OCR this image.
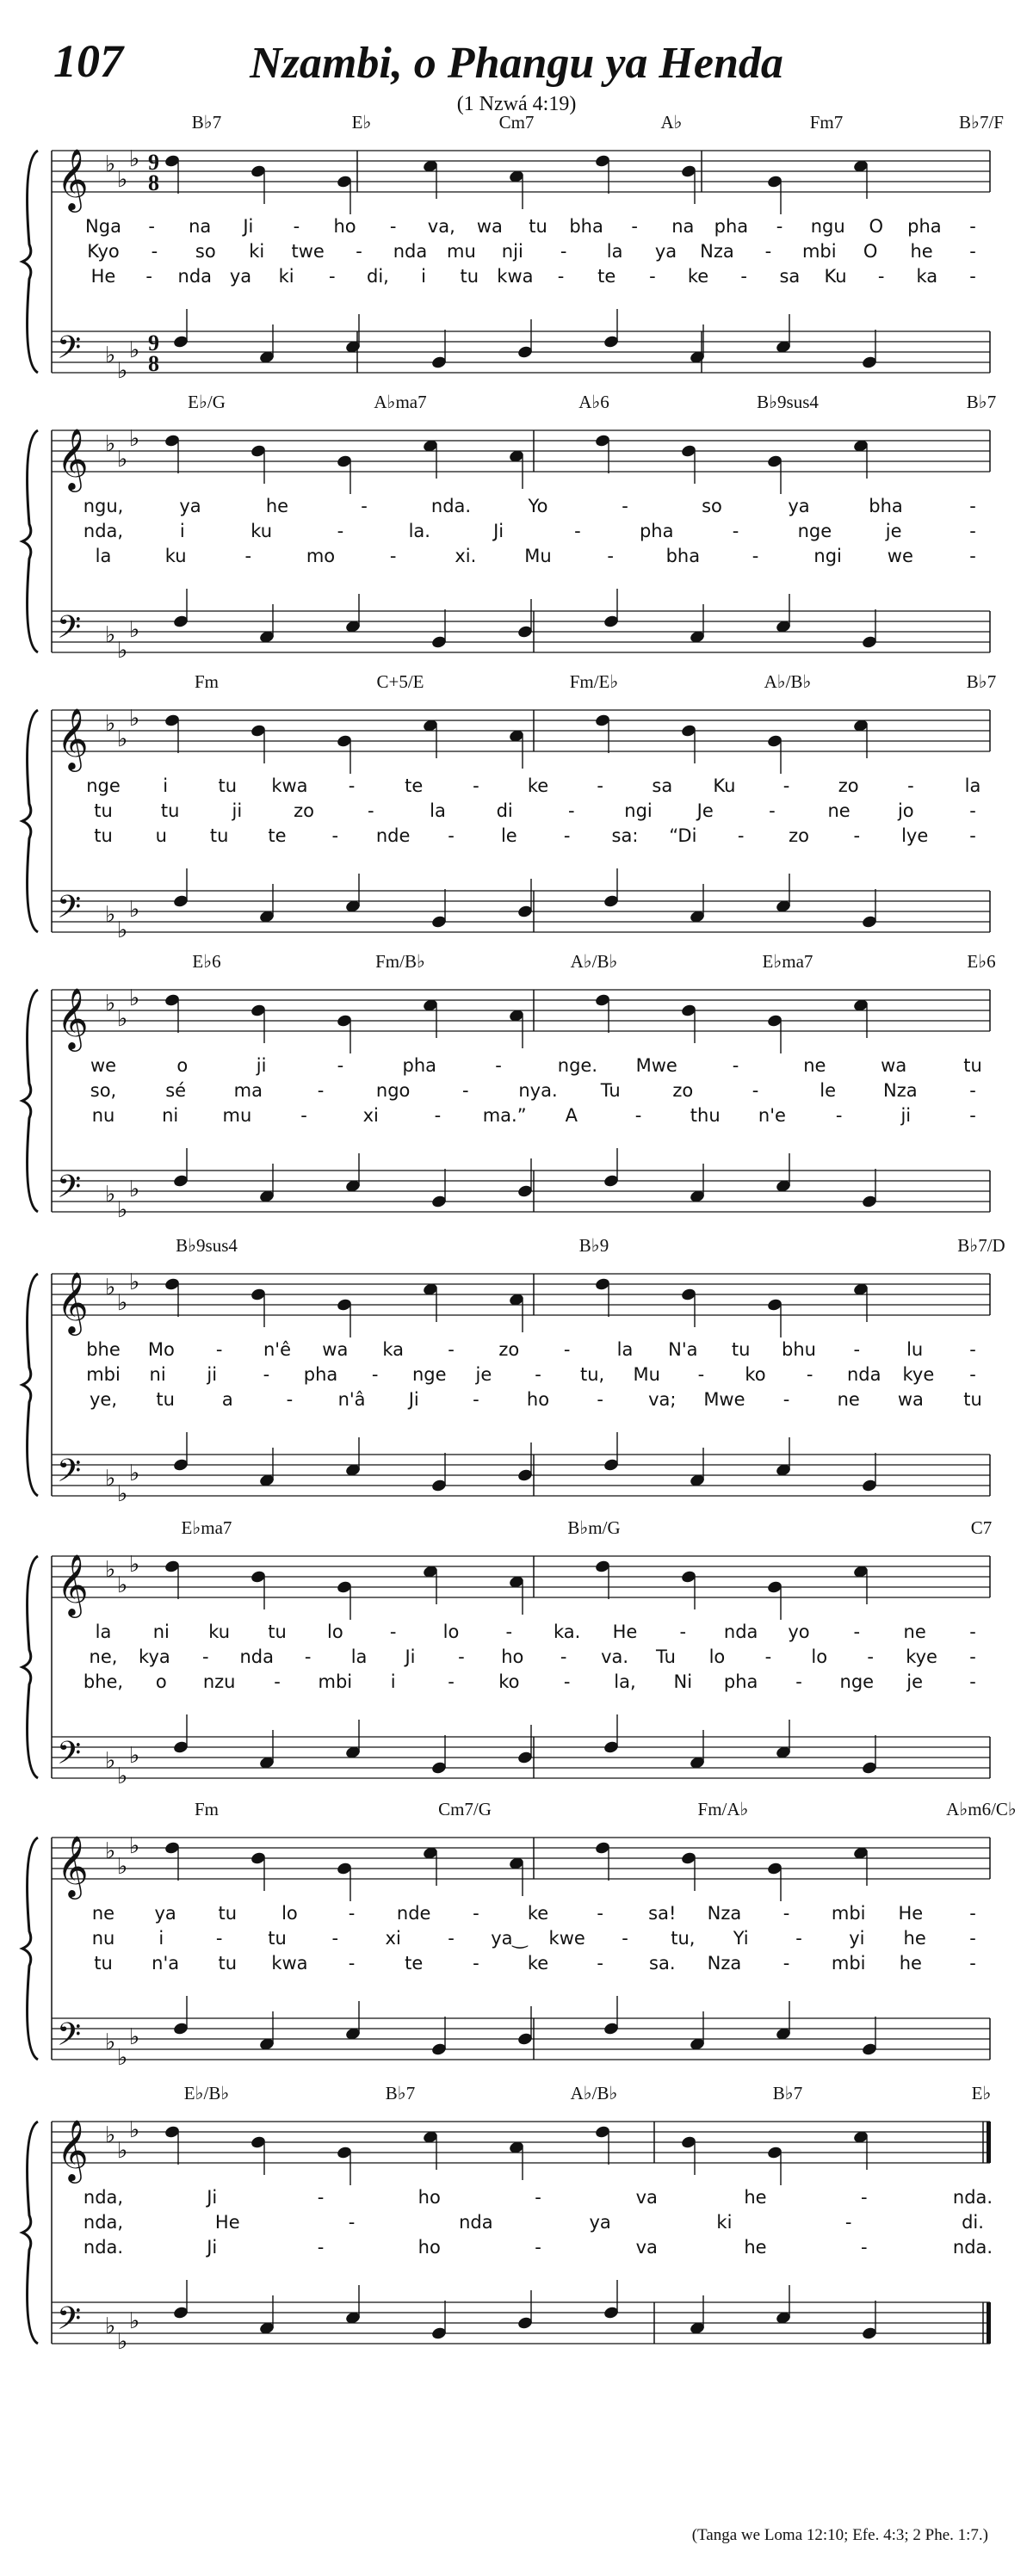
107	Nzambi, o Phangu ya Henda
(1 Nzwá 4:19)
𝄞 ♭
♭
♭ 9
8
𝄢 ♭
♭
♭ 9
8
B♭7	E♭	Cm7	A♭	Fm7	B♭7/F
Nga - na Ji - ho - va, wa tu bha - na pha - ngu O pha -
Kyo - so ki twe - nda mu nji - la ya Nza - mbi O he -
He - nda ya ki - di, i tu kwa - te - ke - sa Ku - ka -
𝄞 ♭
♭
♭
𝄢 ♭
♭
♭
E♭/G	A♭ma7	A♭6	B♭9sus4	B♭7
ngu,	ya	he	-	nda.	Yo	-	so	ya	bha	-
nda,	i	ku	-	la.	Ji	-	pha	-	nge	je	-
la	ku	-	mo	-	xi.	Mu	-	bha	-	ngi	we	-
𝄞 ♭
♭
♭
𝄢 ♭
♭
♭
Fm	C+5/E	Fm/E♭	A♭/B♭	B♭7
nge i	tu kwa -	te	-	ke	-	sa Ku	-	zo	-	la
tu	tu	ji	zo	-	la	di	-	ngi Je	-	ne	jo	-
tu u tu te	- nde -	le	- sa: “Di - zo - lye -
𝄞 ♭
♭
♭
𝄢 ♭
♭
♭
E♭6	Fm/B♭	A♭/B♭	E♭ma7	E♭6
we	o	ji	-	pha	-	nge. Mwe	-	ne	wa	tu
so,	sé	ma	-	ngo	-	nya. Tu	zo	-	le	Nza	-
nu	ni mu	-	xi	- ma.” A	-	thu n'e	-	ji	-
𝄞 ♭
♭
♭
𝄢 ♭
♭
♭
B♭9sus4	B♭9	B♭7/D
bhe Mo - n'ê wa ka - zo -	la N'a tu bhu -	lu	-
mbi ni ji	- pha - nge je - tu, Mu - ko - nda kye -
ye, tu	a	- n'â Ji	-	ho	- va; Mwe -	ne wa tu
𝄞 ♭
♭
♭
𝄢 ♭
♭
♭
E♭ma7	B♭m/G	C7
la ni ku tu lo	-	lo	- ka. He - nda yo - ne -
ne, kya - nda - la Ji - ho - va. Tu lo - lo - kye -
bhe, o nzu - mbi i	- ko - la, Ni pha - nge je	-
𝄞 ♭
♭
♭
𝄢 ♭
♭
♭
Fm	Cm7/G	Fm/A♭	A♭m6/C♭
ne ya tu lo	- nde -	ke	- sa! Nza - mbi He	-
nu i	-	tu	-	xi	- ya‿ kwe - tu, Yi	-	yi he -
tu n'a tu kwa -	te	-	ke	-	sa. Nza - mbi he	-
𝄞 ♭
♭
♭
𝄢 ♭
♭
♭
E♭/B♭	B♭7	A♭/B♭	B♭7	E♭
nda,	Ji	-	ho	-	va	he	-	nda.
nda,	He	-	nda	ya	ki	-	di.
nda.	Ji	-	ho	-	va	he	-	nda.
(Tanga we Loma 12:10; Efe. 4:3; 2 Phe. 1:7.)
